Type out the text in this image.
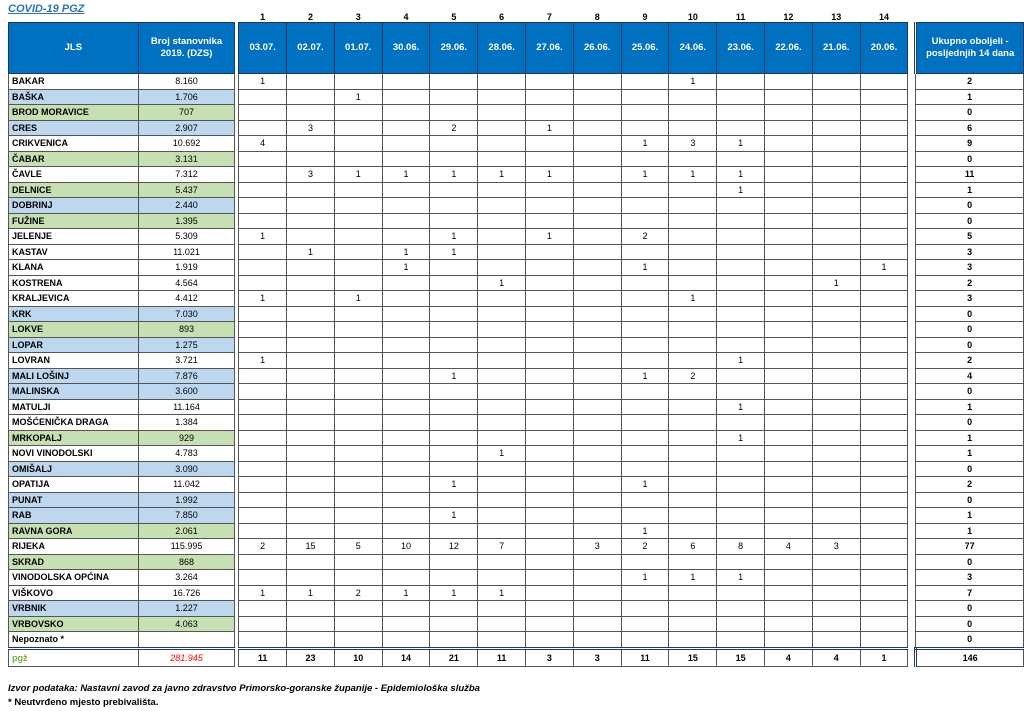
COVID-19 PGZ
			1	2	3	4	5	6	7	8	9	10	11	12	13	14		
JLS	Broj stanovnika 2019. (DZS)		03.07.	02.07.	01.07.	30.06.	29.06.	28.06.	27.06.	26.06.	25.06.	24.06.	23.06.	22.06.	21.06.	20.06.		Ukupno oboljeli - posljednjih 14 dana
BAKAR	8.160		1									1						2
BAŠKA	1.706				1													1
BROD MORAVICE	707																	0
CRES	2.907			3			2		1									6
CRIKVENICA	10.692		4								1	3	1					9
ČABAR	3.131																	0
ČAVLE	7.312			3	1	1	1	1	1		1	1	1					11
DELNICE	5.437												1					1
DOBRINJ	2.440																	0
FUŽINE	1.395																	0
JELENJE	5.309		1				1		1		2							5
KASTAV	11.021			1		1	1											3
KLANA	1.919					1					1					1		3
KOSTRENA	4.564							1							1			2
KRALJEVICA	4.412		1		1							1						3
KRK	7.030																	0
LOKVE	893																	0
LOPAR	1.275																	0
LOVRAN	3.721		1										1					2
MALI LOŠINJ	7.876						1				1	2						4
MALINSKA	3.600																	0
MATULJI	11.164												1					1
MOŠĆENIČKA DRAGA	1.384																	0
MRKOPALJ	929												1					1
NOVI VINODOLSKI	4.783							1										1
OMIŠALJ	3.090																	0
OPATIJA	11.042						1				1							2
PUNAT	1.992																	0
RAB	7.850						1											1
RAVNA GORA	2.061										1							1
RIJEKA	115.995		2	15	5	10	12	7		3	2	6	8	4	3			77
SKRAD	868																	0
VINODOLSKA OPĆINA	3.264										1	1	1					3
VIŠKOVO	16.726		1	1	2	1	1	1										7
VRBNIK	1.227																	0
VRBOVSKO	4.063																	0
Nepoznato *																		0
pgž	281.945		11	23	10	14	21	11	3	3	11	15	15	4	4	1		146
Izvor podataka: Nastavni zavod za javno zdravstvo Primorsko-goranske županije - Epidemiološka služba
* Neutvrđeno mjesto prebivališta.
